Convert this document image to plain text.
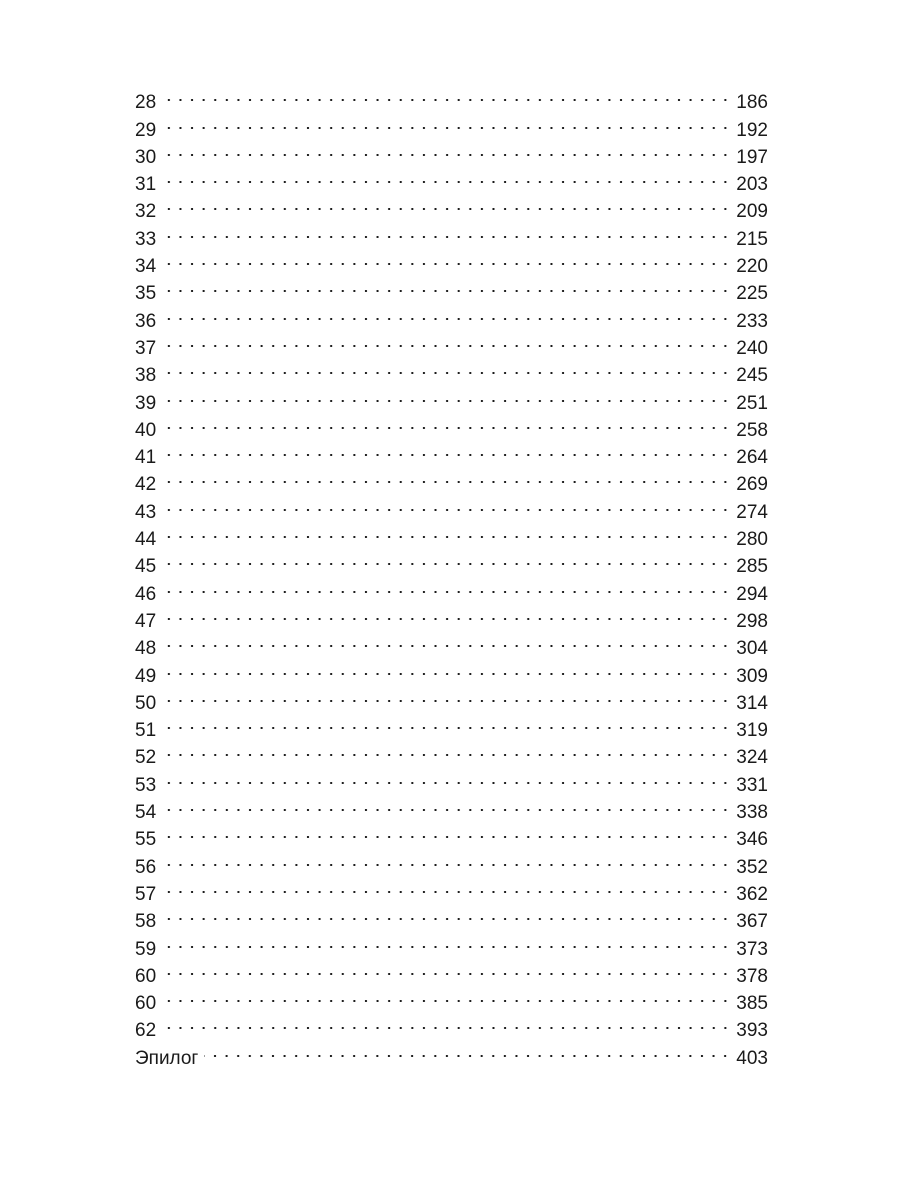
28	186
29	192
30	197
31	203
32	209
33	215
34	220
35	225
36	233
37	240
38	245
39	251
40	258
41	264
42	269
43	274
44	280
45	285
46	294
47	298
48	304
49	309
50	314
51	319
52	324
53	331
54	338
55	346
56	352
57	362
58	367
59	373
60	378
60	385
62	393
Эпилог	403
